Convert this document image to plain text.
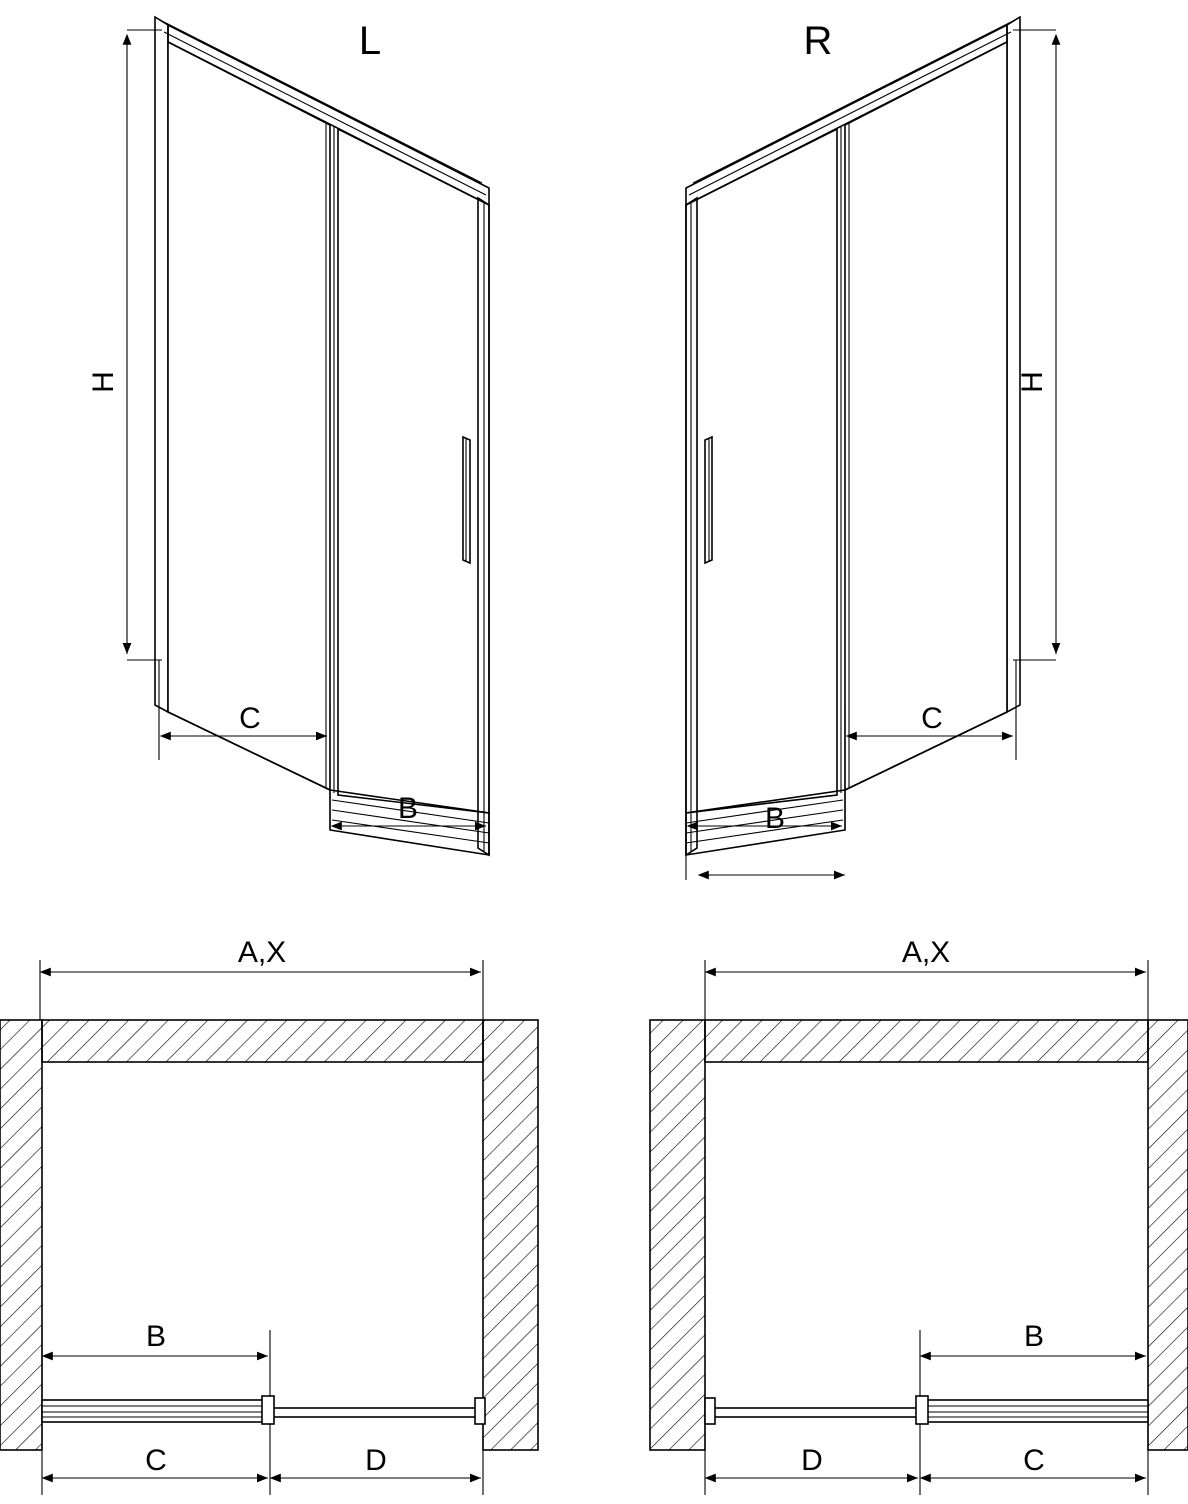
H
C
B
L
H
C
B
R
A,X
B
C	D
A,X
B
D	C
